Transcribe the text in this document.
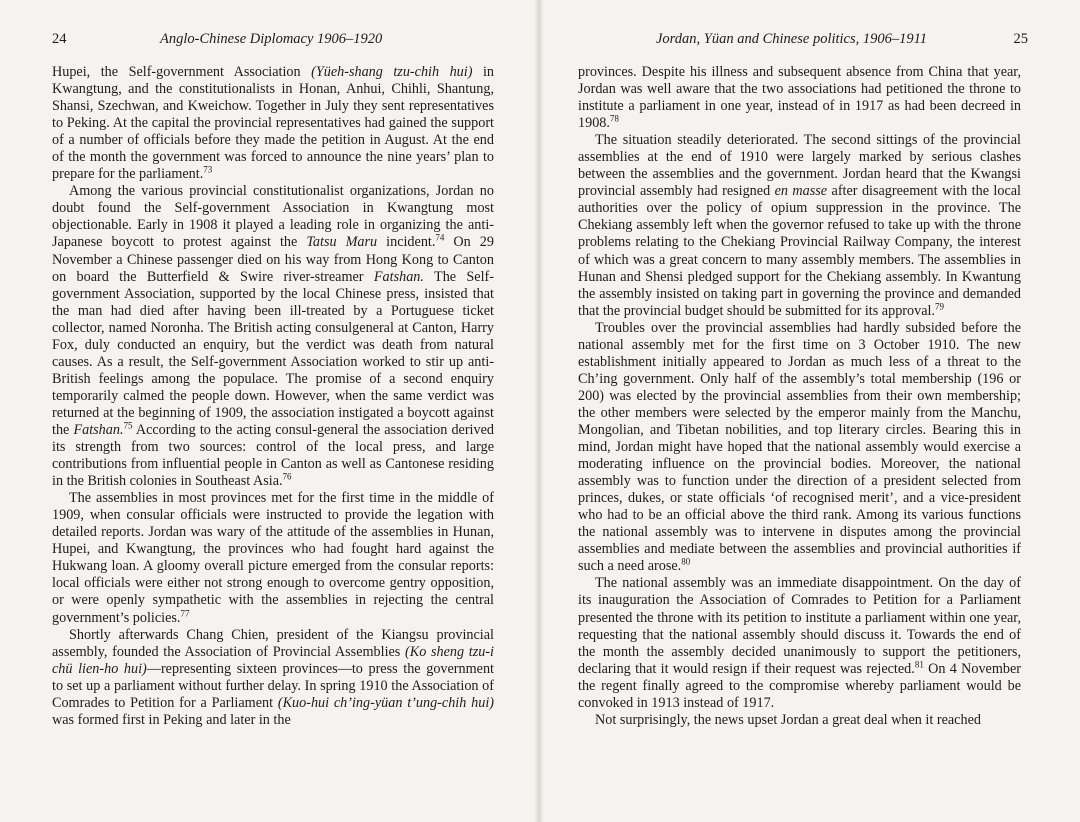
24	Anglo-Chinese Diplomacy 1906–1920

Hupei, the Self-government Association (Yüeh-shang tzu-chih hui) in Kwangtung, and the constitutionalists in Honan, Anhui, Chihli, Shantung, Shansi, Szechwan, and Kweichow. Together in July they sent representatives to Peking. At the capital the provincial representatives had gained the support of a number of officials before they made the petition in August. At the end of the month the government was forced to announce the nine years’ plan to prepare for the parliament.$^{73}$

Among the various provincial constitutionalist organizations, Jordan no doubt found the Self-government Association in Kwangtung most objectionable. Early in 1908 it played a leading role in organizing the anti-Japanese boycott to protest against the Tatsu Maru incident.$^{74}$ On 29 November a Chinese passenger died on his way from Hong Kong to Canton on board the Butterfield & Swire river-streamer Fatshan. The Self-government Association, supported by the local Chinese press, insisted that the man had died after having been ill-treated by a Portuguese ticket collector, named Noronha. The British acting consulgeneral at Canton, Harry Fox, duly conducted an enquiry, but the verdict was death from natural causes. As a result, the Self-government Association worked to stir up anti-British feelings among the populace. The promise of a second enquiry temporarily calmed the people down. However, when the same verdict was returned at the beginning of 1909, the association instigated a boycott against the Fatshan.$^{75}$ According to the acting consul-general the association derived its strength from two sources: control of the local press, and large contributions from influential people in Canton as well as Cantonese residing in the British colonies in Southeast Asia.$^{76}$

The assemblies in most provinces met for the first time in the middle of 1909, when consular officials were instructed to provide the legation with detailed reports. Jordan was wary of the attitude of the assemblies in Hunan, Hupei, and Kwangtung, the provinces who had fought hard against the Hukwang loan. A gloomy overall picture emerged from the consular reports: local officials were either not strong enough to overcome gentry opposition, or were openly sympathetic with the assemblies in rejecting the central government’s policies.$^{77}$

Shortly afterwards Chang Chien, president of the Kiangsu provincial assembly, founded the Association of Provincial Assemblies (Ko sheng tzu-i chü lien-ho hui)—representing sixteen provinces—to press the government to set up a parliament without further delay. In spring 1910 the Association of Comrades to Petition for a Parliament (Kuo-hui ch’ing-yüan t’ung-chih hui) was formed first in Peking and later in the

Jordan, Yüan and Chinese politics, 1906–1911	25

provinces. Despite his illness and subsequent absence from China that year, Jordan was well aware that the two associations had petitioned the throne to institute a parliament in one year, instead of in 1917 as had been decreed in 1908.78

The situation steadily deteriorated. The second sittings of the provincial assemblies at the end of 1910 were largely marked by serious clashes between the assemblies and the government. Jordan heard that the Kwangsi provincial assembly had resigned en masse after disagreement with the local authorities over the policy of opium suppression in the province. The Chekiang assembly left when the governor refused to take up with the throne problems relating to the Chekiang Provincial Railway Company, the interest of which was a great concern to many assembly members. The assemblies in Hunan and Shensi pledged support for the Chekiang assembly. In Kwantung the assembly insisted on taking part in governing the province and demanded that the provincial budget should be submitted for its approval.$^{79}$

Troubles over the provincial assemblies had hardly subsided before the national assembly met for the first time on 3 October 1910. The new establishment initially appeared to Jordan as much less of a threat to the Ch’ing government. Only half of the assembly’s total membership (196 or 200) was elected by the provincial assemblies from their own membership; the other members were selected by the emperor mainly from the Manchu, Mongolian, and Tibetan nobilities, and top literary circles. Bearing this in mind, Jordan might have hoped that the national assembly would exercise a moderating influence on the provincial bodies. Moreover, the national assembly was to function under the direction of a president selected from princes, dukes, or state officials ‘of recognised merit’, and a vice-president who had to be an official above the third rank. Among its various functions the national assembly was to intervene in disputes among the provincial assemblies and mediate between the assemblies and provincial authorities if such a need arose.$^{80}$

The national assembly was an immediate disappointment. On the day of its inauguration the Association of Comrades to Petition for a Parliament presented the throne with its petition to institute a parliament within one year, requesting that the national assembly should discuss it. Towards the end of the month the assembly decided unanimously to support the petitioners, declaring that it would resign if their request was rejected.$^{81}$ On 4 November the regent finally agreed to the compromise whereby parliament would be convoked in 1913 instead of 1917.

Not surprisingly, the news upset Jordan a great deal when it reached
